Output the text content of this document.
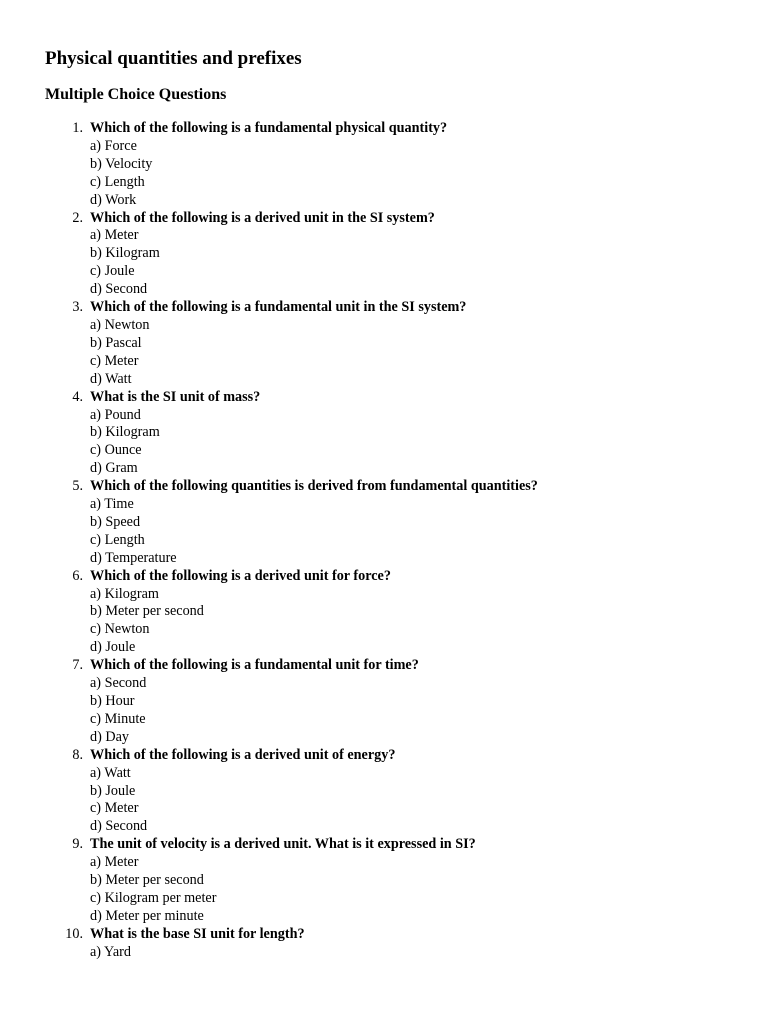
Physical quantities and prefixes
Multiple Choice Questions
1. Which of the following is a fundamental physical quantity?
a) Force
b) Velocity
c) Length
d) Work
2. Which of the following is a derived unit in the SI system?
a) Meter
b) Kilogram
c) Joule
d) Second
3. Which of the following is a fundamental unit in the SI system?
a) Newton
b) Pascal
c) Meter
d) Watt
4. What is the SI unit of mass?
a) Pound
b) Kilogram
c) Ounce
d) Gram
5. Which of the following quantities is derived from fundamental quantities?
a) Time
b) Speed
c) Length
d) Temperature
6. Which of the following is a derived unit for force?
a) Kilogram
b) Meter per second
c) Newton
d) Joule
7. Which of the following is a fundamental unit for time?
a) Second
b) Hour
c) Minute
d) Day
8. Which of the following is a derived unit of energy?
a) Watt
b) Joule
c) Meter
d) Second
9. The unit of velocity is a derived unit. What is it expressed in SI?
a) Meter
b) Meter per second
c) Kilogram per meter
d) Meter per minute
10. What is the base SI unit for length?
a) Yard
